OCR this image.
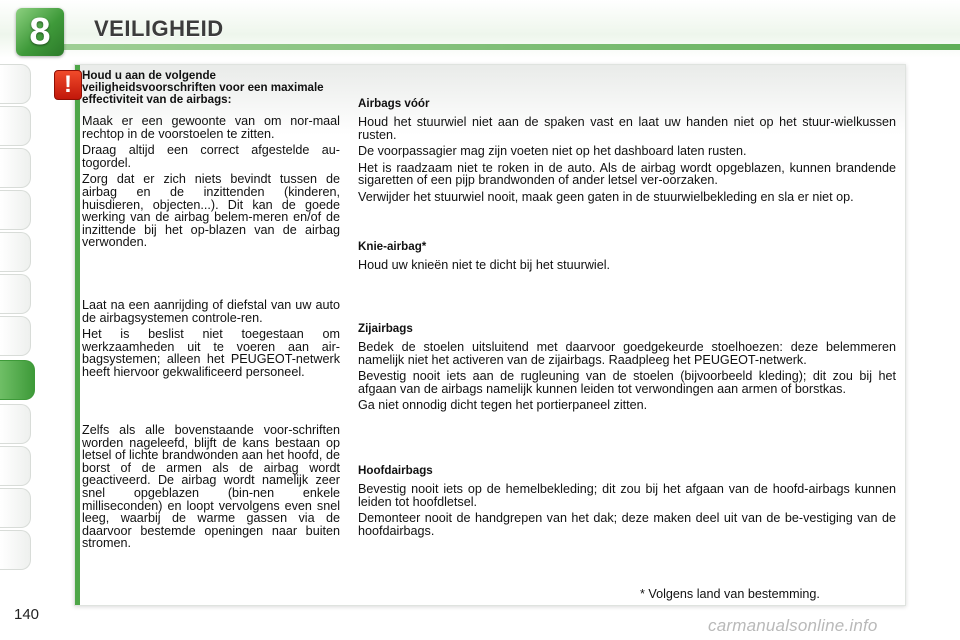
8	VEILIGHEID
140
! Houd u aan de volgende veiligheidsvoorschriften voor een maximale effectiviteit van de airbags:

Maak er een gewoonte van om nor-maal rechtop in de voorstoelen te zitten.

Draag altijd een correct afgestelde au-togordel.

Zorg dat er zich niets bevindt tussen de airbag en de inzittenden (kinderen, huisdieren, objecten...). Dit kan de goede werking van de airbag belem-meren en/of de inzittende bij het op-blazen van de airbag verwonden.

Laat na een aanrijding of diefstal van uw auto de airbagsystemen controle-ren.

Het is beslist niet toegestaan om werkzaamheden uit te voeren aan air-bagsystemen; alleen het PEUGEOT-netwerk heeft hiervoor gekwalificeerd personeel.

Zelfs als alle bovenstaande voor-schriften worden nageleefd, blijft de kans bestaan op letsel of lichte brandwonden aan het hoofd, de borst of de armen als de airbag wordt geactiveerd. De airbag wordt namelijk zeer snel opgeblazen (bin-nen enkele milliseconden) en loopt vervolgens even snel leeg, waarbij de warme gassen via de daarvoor bestemde openingen naar buiten stromen.

Airbags vóór

Houd het stuurwiel niet aan de spaken vast en laat uw handen niet op het stuur-wielkussen rusten.

De voorpassagier mag zijn voeten niet op het dashboard laten rusten.

Het is raadzaam niet te roken in de auto. Als de airbag wordt opgeblazen, kunnen brandende sigaretten of een pijp brandwonden of ander letsel ver-oorzaken.

Verwijder het stuurwiel nooit, maak geen gaten in de stuurwielbekleding en sla er niet op.

Knie-airbag*

Houd uw knieën niet te dicht bij het stuurwiel.

Zijairbags

Bedek de stoelen uitsluitend met daarvoor goedgekeurde stoelhoezen: deze belemmeren namelijk niet het activeren van de zijairbags. Raadpleeg het PEUGEOT-netwerk.

Bevestig nooit iets aan de rugleuning van de stoelen (bijvoorbeeld kleding); dit zou bij het afgaan van de airbags namelijk kunnen leiden tot verwondingen aan armen of borstkas.

Ga niet onnodig dicht tegen het portierpaneel zitten.

Hoofdairbags

Bevestig nooit iets op de hemelbekleding; dit zou bij het afgaan van de hoofd-airbags kunnen leiden tot hoofdletsel.

Demonteer nooit de handgrepen van het dak; deze maken deel uit van de be-vestiging van de hoofdairbags.

* Volgens land van bestemming.
carmanualsonline.info
